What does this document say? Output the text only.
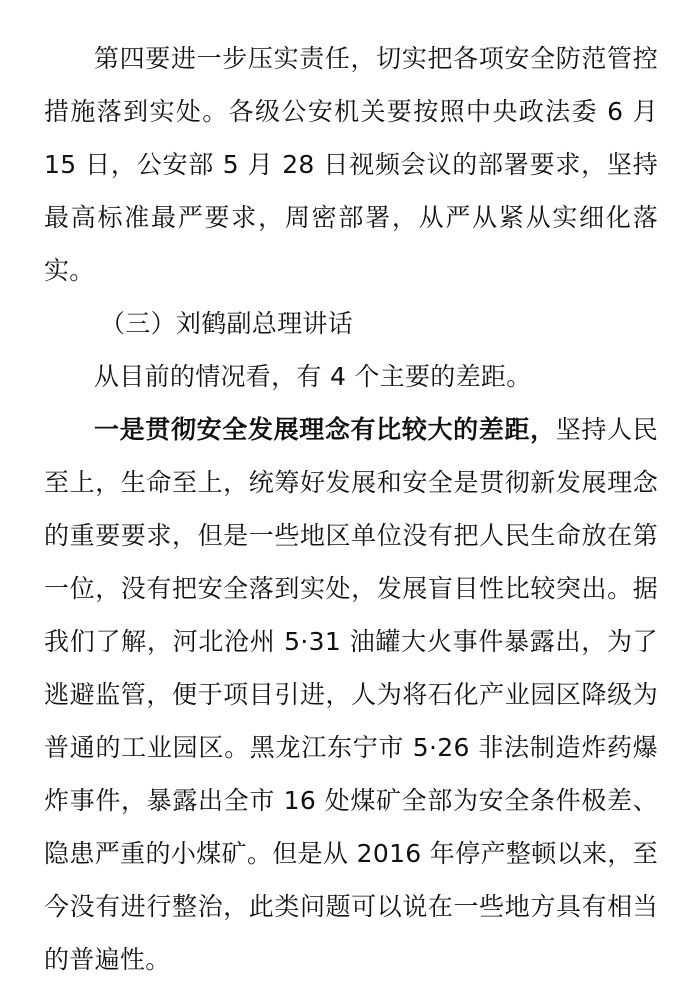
第四要进一步压实责任，切实把各项安全防范管控措施落到实处。各级公安机关要按照中央政法委 6 月 15 日，公安部 5 月 28 日视频会议的部署要求，坚持最高标准最严要求，周密部署，从严从紧从实细化落实。

（三）刘鹤副总理讲话

从目前的情况看，有 4 个主要的差距。

一是贯彻安全发展理念有比较大的差距，坚持人民至上，生命至上，统筹好发展和安全是贯彻新发展理念的重要要求，但是一些地区单位没有把人民生命放在第一位，没有把安全落到实处，发展盲目性比较突出。据我们了解，河北沧州 5·31 油罐大火事件暴露出，为了逃避监管，便于项目引进，人为将石化产业园区降级为普通的工业园区。黑龙江东宁市 5·26 非法制造炸药爆炸事件，暴露出全市 16 处煤矿全部为安全条件极差、隐患严重的小煤矿。但是从 2016 年停产整顿以来，至今没有进行整治，此类问题可以说在一些地方具有相当的普遍性。
